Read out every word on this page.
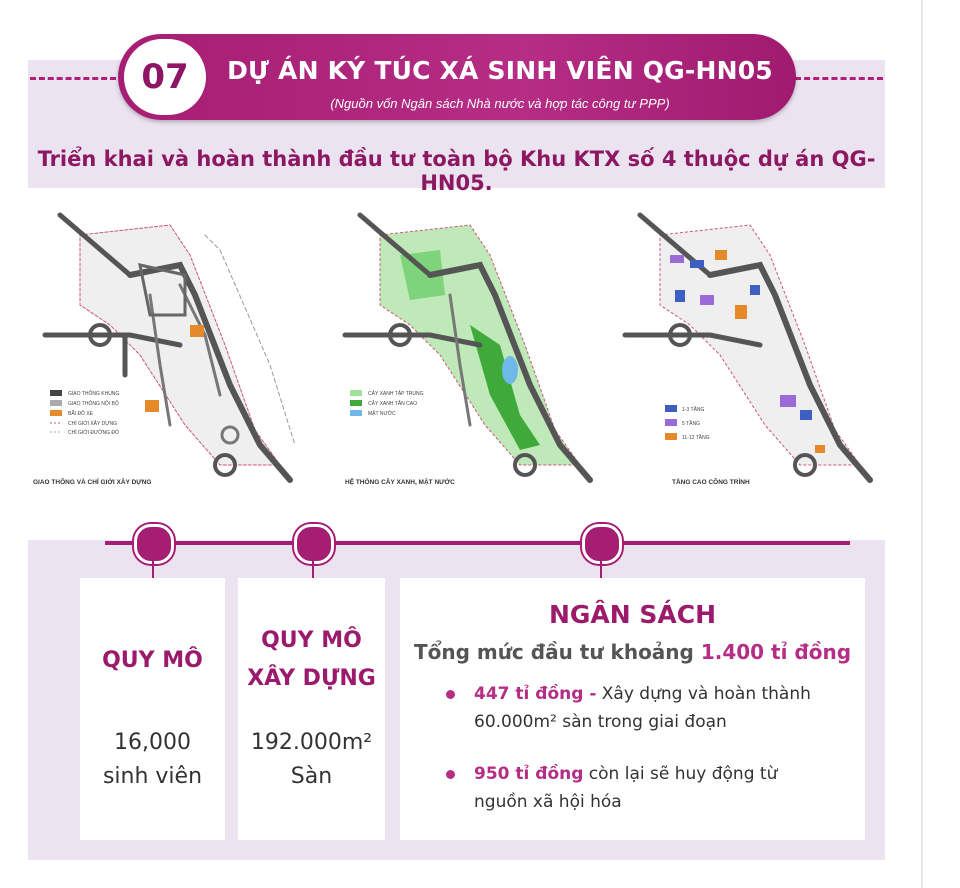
07	DỰ ÁN KÝ TÚC XÁ SINH VIÊN QG-HN05
(Nguồn vốn Ngân sách Nhà nước và hợp tác công tư PPP)
Triển khai và hoàn thành đầu tư toàn bộ Khu KTX số 4 thuộc dự án QG-HN05.
GIAO THÔNG KHUNG
GIAO THÔNG NỘI BỘ
BÃI ĐỖ XE
CHỈ GIỚI XÂY DỰNG
CHỈ GIỚI ĐƯỜNG ĐỎ
GIAO THÔNG VÀ CHỈ GIỚI XÂY DỰNG
CÂY XANH TẬP TRUNG
CÂY XANH TẦN CAO
MẶT NƯỚC
HỆ THỐNG CÂY XANH, MẶT NƯỚC
1-3 TẦNG
5 TẦNG
11-12 TẦNG
TẦNG CAO CÔNG TRÌNH
QUY MÔ
16,000
sinh viên
QUY MÔ
XÂY DỰNG
192.000m²
Sàn
NGÂN SÁCH
Tổng mức đầu tư khoảng 1.400 tỉ đồng
447 tỉ đồng - Xây dựng và hoàn thành
60.000m² sàn trong giai đoạn
950 tỉ đồng còn lại sẽ huy động từ
nguồn xã hội hóa
